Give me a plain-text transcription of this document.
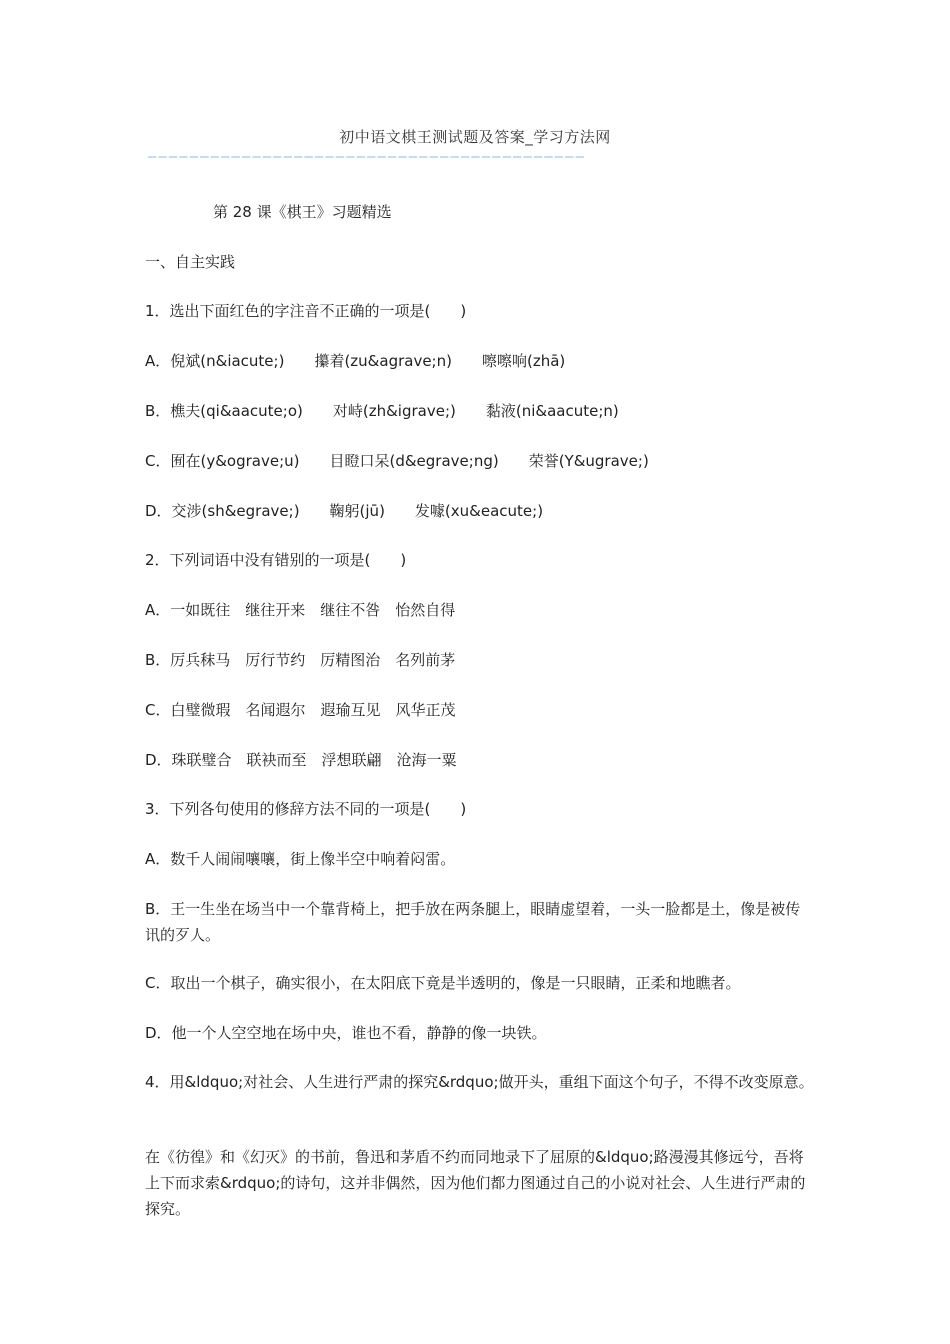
初中语文棋王测试题及答案_学习方法网
——————————————————————————————————————————
第 28 课《棋王》习题精选
一、自主实践
1．选出下面红色的字注音不正确的一项是(　　)
A．倪斌(n&iacute;)　　攥着(zu&agrave;n)　　嚓嚓响(zhā)
B．樵夫(qi&aacute;o)　　对峙(zh&igrave;)　　黏液(ni&aacute;n)
C．囿在(y&ograve;u)　　目瞪口呆(d&egrave;ng)　　荣誉(Y&ugrave;)
D．交涉(sh&egrave;)　　鞠躬(jū)　　发噱(xu&eacute;)
2．下列词语中没有错别的一项是(　　)
A．一如既往　继往开来　继往不咎　怡然自得
B．厉兵秣马　厉行节约　厉精图治　名列前茅
C．白璧微瑕　名闻遐尔　遐瑜互见　风华正茂
D．珠联璧合　联袂而至　浮想联翩　沧海一粟
3．下列各句使用的修辞方法不同的一项是(　　)
A．数千人闹闹嚷嚷，街上像半空中响着闷雷。
B．王一生坐在场当中一个靠背椅上，把手放在两条腿上，眼睛虚望着，一头一脸都是土，像是被传讯的歹人。
C．取出一个棋子，确实很小，在太阳底下竟是半透明的，像是一只眼睛，正柔和地瞧者。
D．他一个人空空地在场中央，谁也不看，静静的像一块铁。
4．用&ldquo;对社会、人生进行严肃的探究&rdquo;做开头，重组下面这个句子，不得不改变原意。
在《彷徨》和《幻灭》的书前，鲁迅和茅盾不约而同地录下了屈原的&ldquo;路漫漫其修远兮，吾将上下而求索&rdquo;的诗句，这并非偶然，因为他们都力图通过自己的小说对社会、人生进行严肃的探究。
